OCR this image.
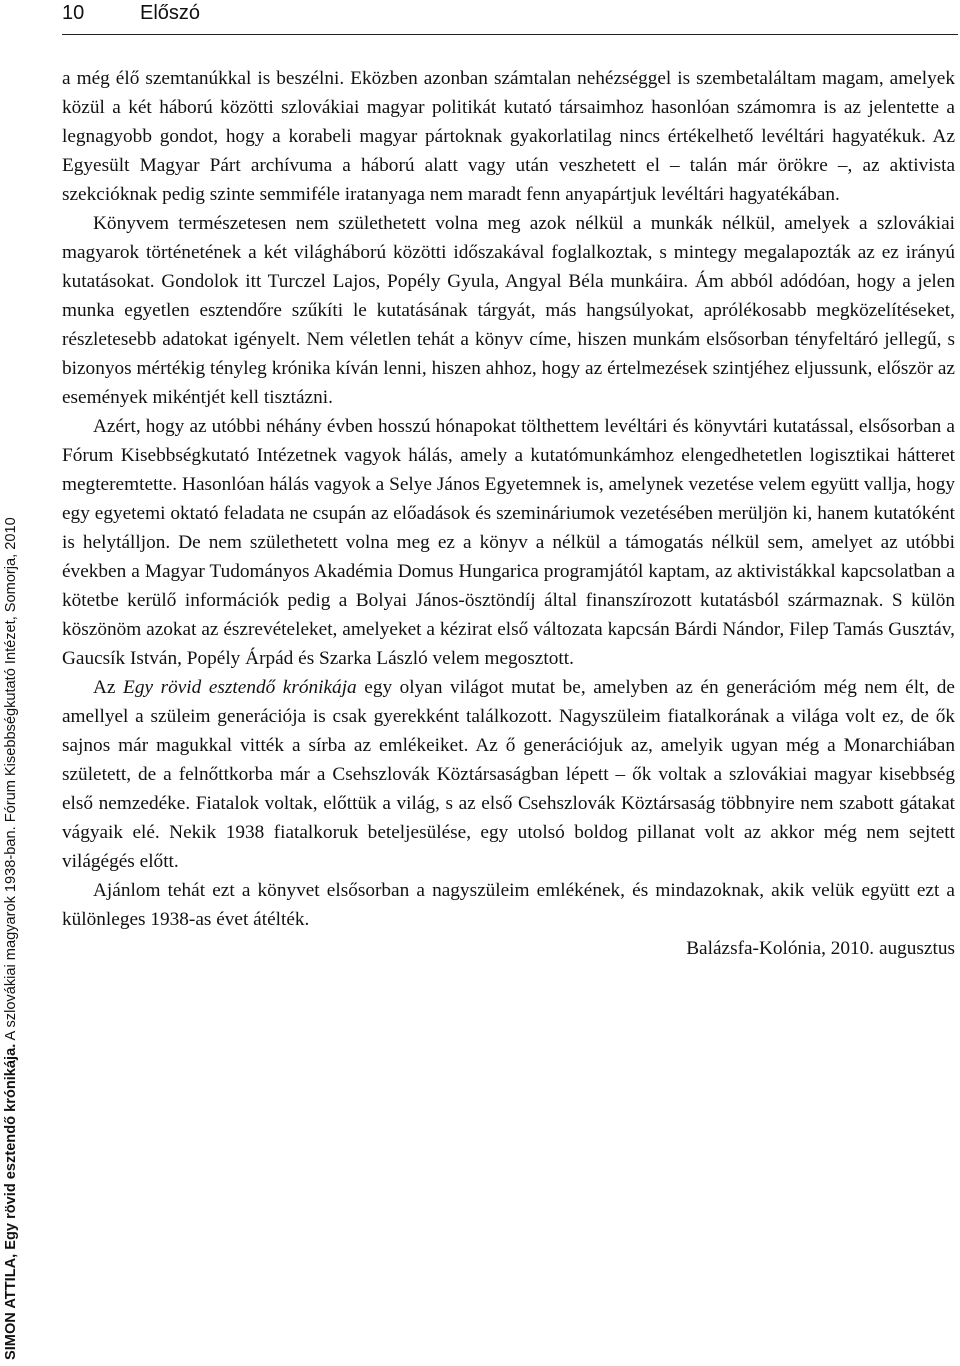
10	Előszó
SIMON ATTILA, Egy rövid esztendő krónikája. A szlovákiai magyarok 1938-ban. Fórum Kisebbségkutató Intézet, Somorja, 2010

a még élő szemtanúkkal is beszélni. Eközben azonban számtalan nehézséggel is szembetaláltam magam, amelyek közül a két háború közötti szlovákiai magyar politikát kutató társaimhoz hasonlóan számomra is az jelentette a legnagyobb gondot, hogy a korabeli magyar pártoknak gyakorlatilag nincs értékelhető levéltári hagyatékuk. Az Egyesült Magyar Párt archívuma a háború alatt vagy után veszhetett el – talán már örökre –, az aktivista szekcióknak pedig szinte semmiféle iratanyaga nem maradt fenn anyapártjuk levéltári hagyatékában.

Könyvem természetesen nem születhetett volna meg azok nélkül a munkák nélkül, amelyek a szlovákiai magyarok történetének a két világháború közötti időszakával foglalkoztak, s mintegy megalapozták az ez irányú kutatásokat. Gondolok itt Turczel Lajos, Popély Gyula, Angyal Béla munkáira. Ám abból adódóan, hogy a jelen munka egyetlen esztendőre szűkíti le kutatásának tárgyát, más hangsúlyokat, aprólékosabb megközelítéseket, részletesebb adatokat igényelt. Nem véletlen tehát a könyv címe, hiszen munkám elsősorban tényfeltáró jellegű, s bizonyos mértékig tényleg krónika kíván lenni, hiszen ahhoz, hogy az értelmezések szintjéhez eljussunk, először az események mikéntjét kell tisztázni.

Azért, hogy az utóbbi néhány évben hosszú hónapokat tölthettem levéltári és könyvtári kutatással, elsősorban a Fórum Kisebbségkutató Intézetnek vagyok hálás, amely a kutatómunkámhoz elengedhetetlen logisztikai hátteret megteremtette. Hasonlóan hálás vagyok a Selye János Egyetemnek is, amelynek vezetése velem együtt vallja, hogy egy egyetemi oktató feladata ne csupán az előadások és szemináriumok vezetésében merüljön ki, hanem kutatóként is helytálljon. De nem születhetett volna meg ez a könyv a nélkül a támogatás nélkül sem, amelyet az utóbbi években a Magyar Tudományos Akadémia Domus Hungarica programjától kaptam, az aktivistákkal kapcsolatban a kötetbe kerülő információk pedig a Bolyai János-ösztöndíj által finanszírozott kutatásból származnak. S külön köszönöm azokat az észrevételeket, amelyeket a kézirat első változata kapcsán Bárdi Nándor, Filep Tamás Gusztáv, Gaucsík István, Popély Árpád és Szarka László velem megosztott.

Az Egy rövid esztendő krónikája egy olyan világot mutat be, amelyben az én generációm még nem élt, de amellyel a szüleim generációja is csak gyerekként találkozott. Nagyszüleim fiatalkorának a világa volt ez, de ők sajnos már magukkal vitték a sírba az emlékeiket. Az ő generációjuk az, amelyik ugyan még a Monarchiában született, de a felnőttkorba már a Csehszlovák Köztársaságban lépett – ők voltak a szlovákiai magyar kisebbség első nemzedéke. Fiatalok voltak, előttük a világ, s az első Csehszlovák Köztársaság többnyire nem szabott gátakat vágyaik elé. Nekik 1938 fiatalkoruk beteljesülése, egy utolsó boldog pillanat volt az akkor még nem sejtett világégés előtt.

Ajánlom tehát ezt a könyvet elsősorban a nagyszüleim emlékének, és mindazoknak, akik velük együtt ezt a különleges 1938-as évet átélték.

Balázsfa-Kolónia, 2010. augusztus
